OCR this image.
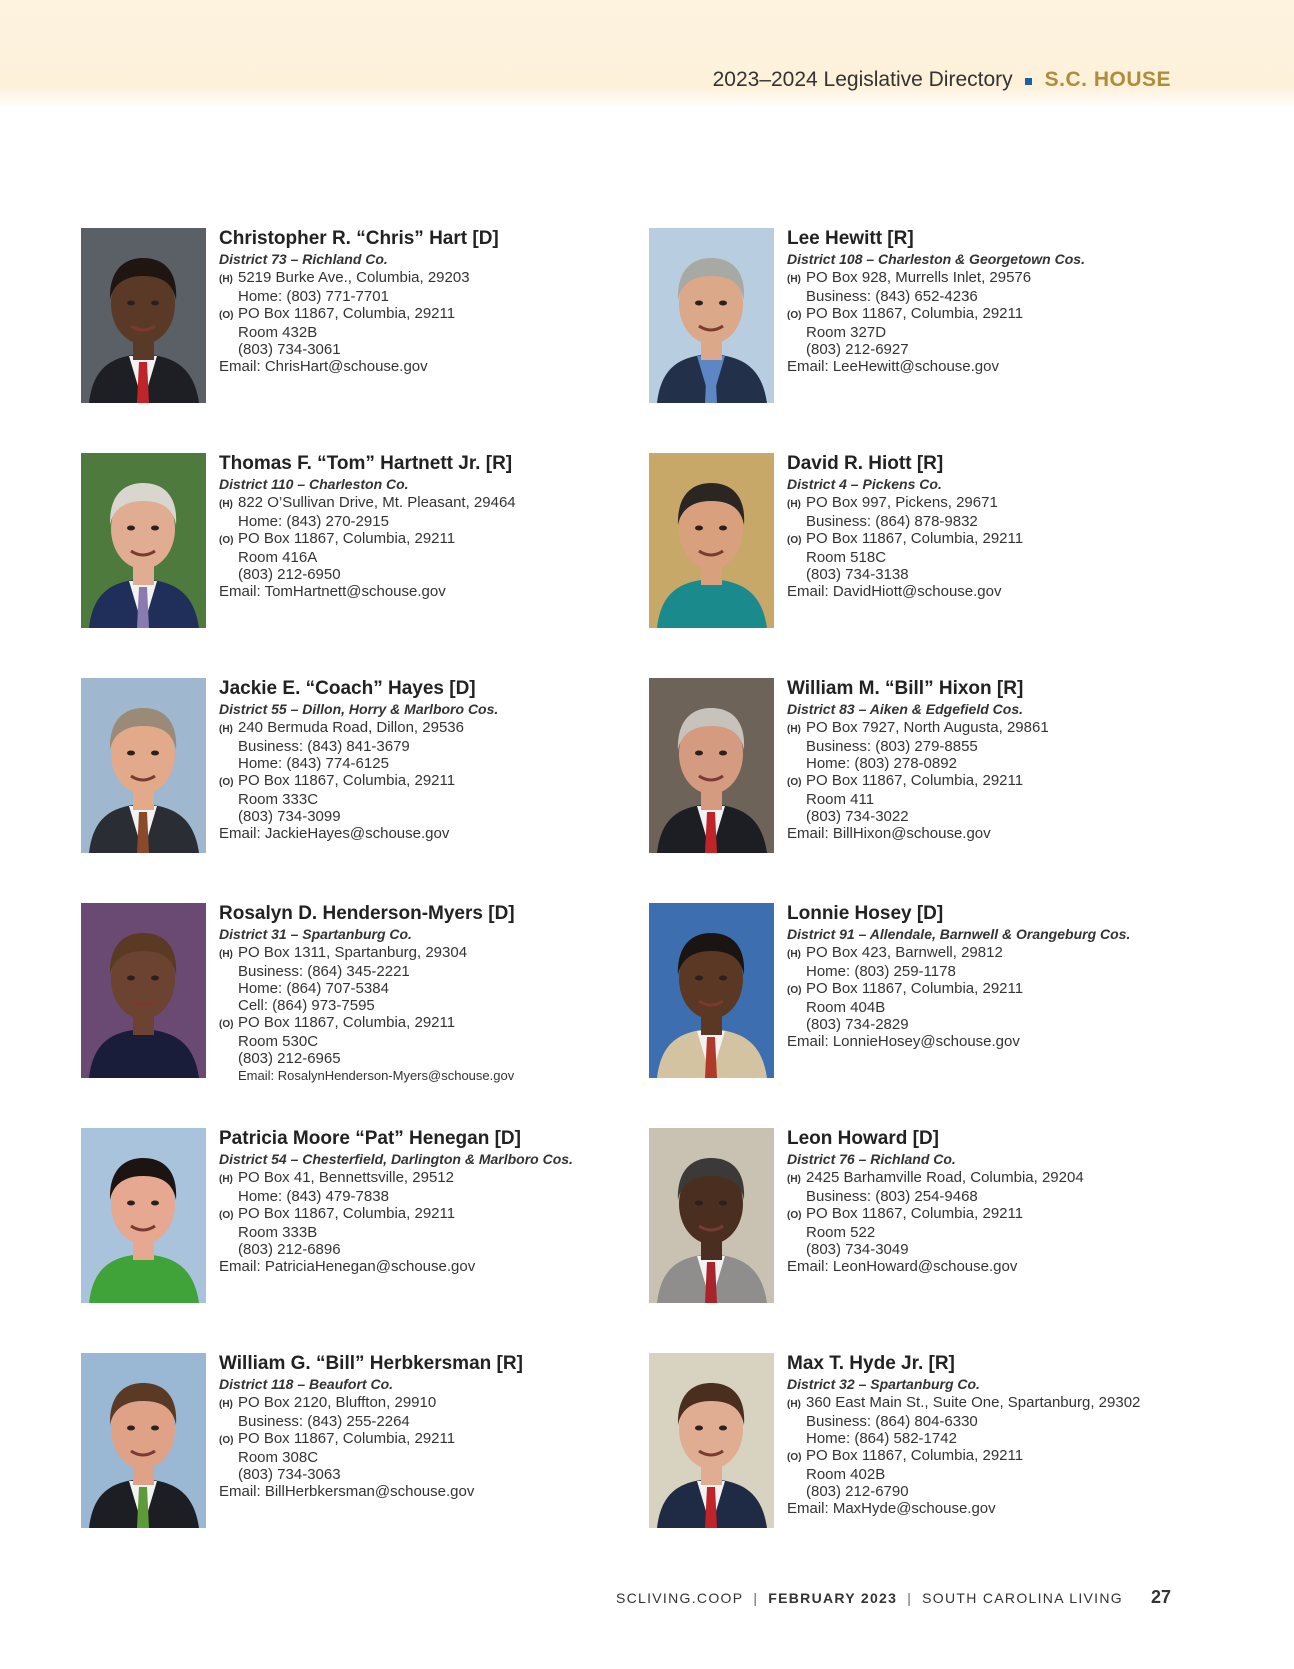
2023–2024 Legislative Directory S.C. HOUSE
Christopher R. “Chris” Hart [D]
District 73 – Richland Co.
(H) 5219 Burke Ave., Columbia, 29203
Home: (803) 771-7701
(O) PO Box 11867, Columbia, 29211
Room 432B
(803) 734-3061
Email: ChrisHart@schouse.gov
Lee Hewitt [R]
District 108 – Charleston & Georgetown Cos.
(H) PO Box 928, Murrells Inlet, 29576
Business: (843) 652-4236
(O) PO Box 11867, Columbia, 29211
Room 327D
(803) 212-6927
Email: LeeHewitt@schouse.gov
Thomas F. “Tom” Hartnett Jr. [R]
District 110 – Charleston Co.
(H) 822 O’Sullivan Drive, Mt. Pleasant, 29464
Home: (843) 270-2915
(O) PO Box 11867, Columbia, 29211
Room 416A
(803) 212-6950
Email: TomHartnett@schouse.gov
David R. Hiott [R]
District 4 – Pickens Co.
(H) PO Box 997, Pickens, 29671
Business: (864) 878-9832
(O) PO Box 11867, Columbia, 29211
Room 518C
(803) 734-3138
Email: DavidHiott@schouse.gov
Jackie E. “Coach” Hayes [D]
District 55 – Dillon, Horry & Marlboro Cos.
(H) 240 Bermuda Road, Dillon, 29536
Business: (843) 841-3679
Home: (843) 774-6125
(O) PO Box 11867, Columbia, 29211
Room 333C
(803) 734-3099
Email: JackieHayes@schouse.gov
William M. “Bill” Hixon [R]
District 83 – Aiken & Edgefield Cos.
(H) PO Box 7927, North Augusta, 29861
Business: (803) 279-8855
Home: (803) 278-0892
(O) PO Box 11867, Columbia, 29211
Room 411
(803) 734-3022
Email: BillHixon@schouse.gov
Rosalyn D. Henderson-Myers [D]
District 31 – Spartanburg Co.
(H) PO Box 1311, Spartanburg, 29304
Business: (864) 345-2221
Home: (864) 707-5384
Cell: (864) 973-7595
(O) PO Box 11867, Columbia, 29211
Room 530C
(803) 212-6965
Email: RosalynHenderson-Myers@schouse.gov
Lonnie Hosey [D]
District 91 – Allendale, Barnwell & Orangeburg Cos.
(H) PO Box 423, Barnwell, 29812
Home: (803) 259-1178
(O) PO Box 11867, Columbia, 29211
Room 404B
(803) 734-2829
Email: LonnieHosey@schouse.gov
Patricia Moore “Pat” Henegan [D]
District 54 – Chesterfield, Darlington & Marlboro Cos.
(H) PO Box 41, Bennettsville, 29512
Home: (843) 479-7838
(O) PO Box 11867, Columbia, 29211
Room 333B
(803) 212-6896
Email: PatriciaHenegan@schouse.gov
Leon Howard [D]
District 76 – Richland Co.
(H) 2425 Barhamville Road, Columbia, 29204
Business: (803) 254-9468
(O) PO Box 11867, Columbia, 29211
Room 522
(803) 734-3049
Email: LeonHoward@schouse.gov
William G. “Bill” Herbkersman [R]
District 118 – Beaufort Co.
(H) PO Box 2120, Bluffton, 29910
Business: (843) 255-2264
(O) PO Box 11867, Columbia, 29211
Room 308C
(803) 734-3063
Email: BillHerbkersman@schouse.gov
Max T. Hyde Jr. [R]
District 32 – Spartanburg Co.
(H) 360 East Main St., Suite One, Spartanburg, 29302
Business: (864) 804-6330
Home: (864) 582-1742
(O) PO Box 11867, Columbia, 29211
Room 402B
(803) 212-6790
Email: MaxHyde@schouse.gov
SCLIVING.COOP | FEBRUARY 2023 | SOUTH CAROLINA LIVING 27
